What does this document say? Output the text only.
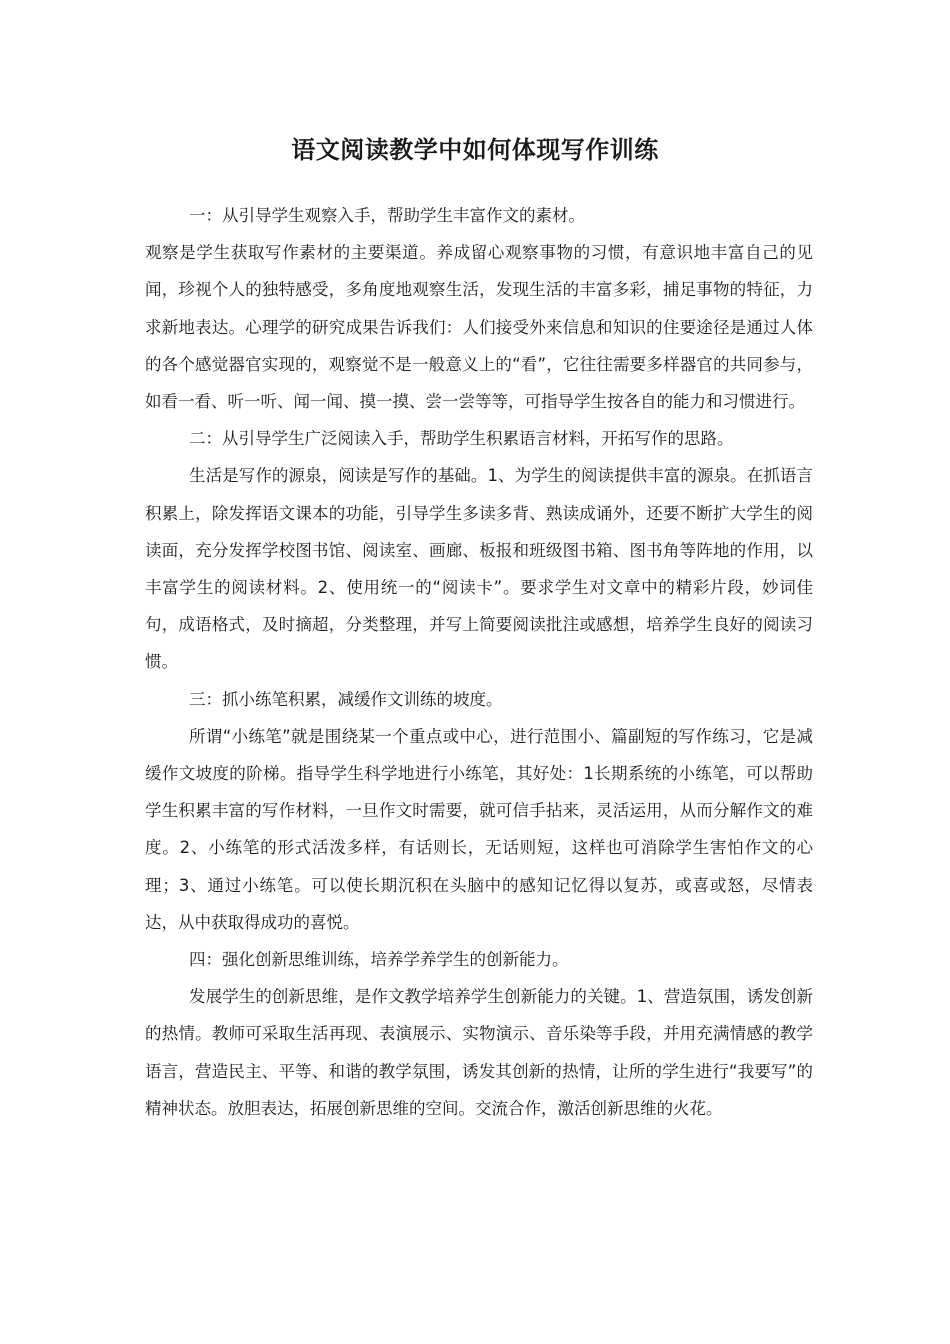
语文阅读教学中如何体现写作训练

一：从引导学生观察入手，帮助学生丰富作文的素材。

观察是学生获取写作素材的主要渠道。养成留心观察事物的习惯，有意识地丰富自己的见闻，珍视个人的独特感受，多角度地观察生活，发现生活的丰富多彩，捕足事物的特征，力求新地表达。心理学的研究成果告诉我们：人们接受外来信息和知识的住要途径是通过人体的各个感觉器官实现的，观察觉不是一般意义上的“看”，它往往需要多样器官的共同参与，如看一看、听一听、闻一闻、摸一摸、尝一尝等等，可指导学生按各自的能力和习惯进行。

二：从引导学生广泛阅读入手，帮助学生积累语言材料，开拓写作的思路。

生活是写作的源泉，阅读是写作的基础。1、为学生的阅读提供丰富的源泉。在抓语言积累上，除发挥语文课本的功能，引导学生多读多背、熟读成诵外，还要不断扩大学生的阅读面，充分发挥学校图书馆、阅读室、画廊、板报和班级图书箱、图书角等阵地的作用，以丰富学生的阅读材料。2、使用统一的“阅读卡”。要求学生对文章中的精彩片段，妙词佳句，成语格式，及时摘超，分类整理，并写上简要阅读批注或感想，培养学生良好的阅读习惯。

三：抓小练笔积累，减缓作文训练的坡度。

所谓“小练笔”就是围绕某一个重点或中心，进行范围小、篇副短的写作练习，它是减缓作文坡度的阶梯。指导学生科学地进行小练笔，其好处：1长期系统的小练笔，可以帮助学生积累丰富的写作材料，一旦作文时需要，就可信手拈来，灵活运用，从而分解作文的难度。2、小练笔的形式活泼多样，有话则长，无话则短，这样也可消除学生害怕作文的心理；3、通过小练笔。可以使长期沉积在头脑中的感知记忆得以复苏，或喜或怒，尽情表达，从中获取得成功的喜悦。

四：强化创新思维训练，培养学养学生的创新能力。

发展学生的创新思维，是作文教学培养学生创新能力的关键。1、营造氛围，诱发创新的热情。教师可采取生活再现、表演展示、实物演示、音乐染等手段，并用充满情感的教学语言，营造民主、平等、和谐的教学氛围，诱发其创新的热情，让所的学生进行“我要写”的精神状态。放胆表达，拓展创新思维的空间。交流合作，激活创新思维的火花。
